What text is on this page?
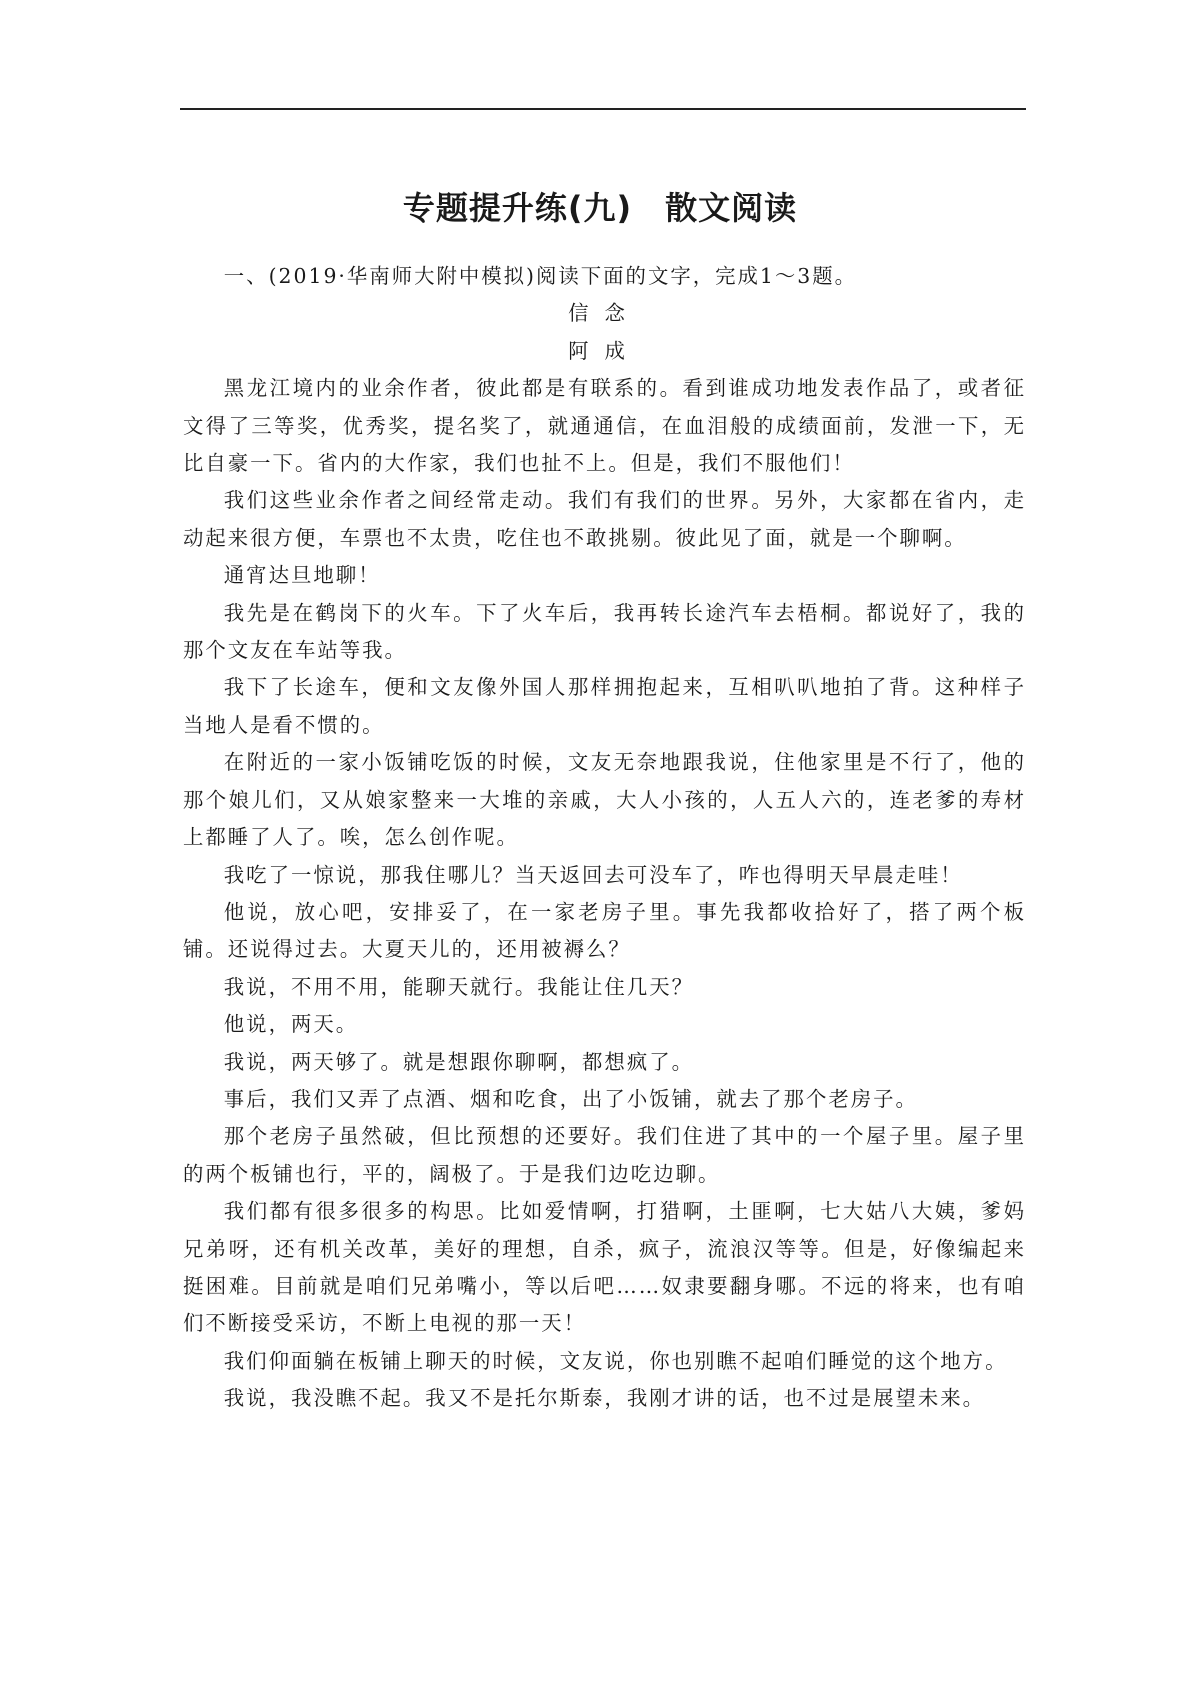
专题提升练(九)　散文阅读

一、(2019·华南师大附中模拟)阅读下面的文字，完成1～3题。

信念

阿成

黑龙江境内的业余作者，彼此都是有联系的。看到谁成功地发表作品了，或者征文得了三等奖，优秀奖，提名奖了，就通通信，在血泪般的成绩面前，发泄一下，无比自豪一下。省内的大作家，我们也扯不上。但是，我们不服他们！

我们这些业余作者之间经常走动。我们有我们的世界。另外，大家都在省内，走动起来很方便，车票也不太贵，吃住也不敢挑剔。彼此见了面，就是一个聊啊。

通宵达旦地聊！

我先是在鹤岗下的火车。下了火车后，我再转长途汽车去梧桐。都说好了，我的那个文友在车站等我。

我下了长途车，便和文友像外国人那样拥抱起来，互相叭叭地拍了背。这种样子当地人是看不惯的。

在附近的一家小饭铺吃饭的时候，文友无奈地跟我说，住他家里是不行了，他的那个娘儿们，又从娘家整来一大堆的亲戚，大人小孩的，人五人六的，连老爹的寿材上都睡了人了。唉，怎么创作呢。

我吃了一惊说，那我住哪儿？当天返回去可没车了，咋也得明天早晨走哇！

他说，放心吧，安排妥了，在一家老房子里。事先我都收拾好了，搭了两个板铺。还说得过去。大夏天儿的，还用被褥么？

我说，不用不用，能聊天就行。我能让住几天？

他说，两天。

我说，两天够了。就是想跟你聊啊，都想疯了。

事后，我们又弄了点酒、烟和吃食，出了小饭铺，就去了那个老房子。

那个老房子虽然破，但比预想的还要好。我们住进了其中的一个屋子里。屋子里的两个板铺也行，平的，阔极了。于是我们边吃边聊。

我们都有很多很多的构思。比如爱情啊，打猎啊，土匪啊，七大姑八大姨，爹妈兄弟呀，还有机关改革，美好的理想，自杀，疯子，流浪汉等等。但是，好像编起来挺困难。目前就是咱们兄弟嘴小，等以后吧……奴隶要翻身哪。不远的将来，也有咱们不断接受采访，不断上电视的那一天！

我们仰面躺在板铺上聊天的时候，文友说，你也别瞧不起咱们睡觉的这个地方。

我说，我没瞧不起。我又不是托尔斯泰，我刚才讲的话，也不过是展望未来。
